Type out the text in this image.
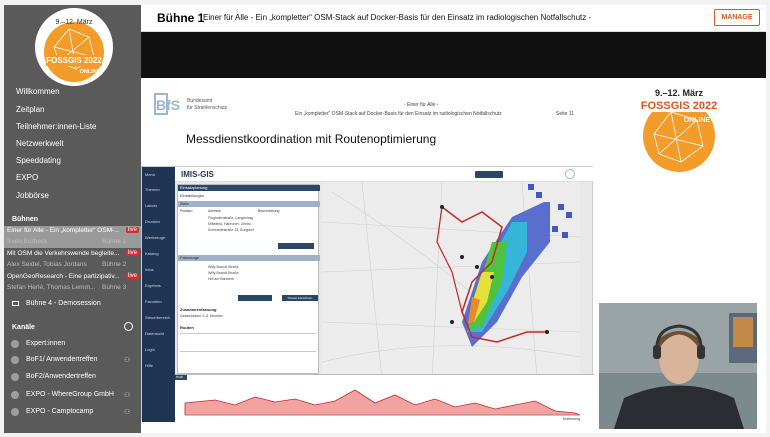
9.–12. März
FOSSGIS 2022
ONLINE
Willkommen
Zeitplan
Teilnehmer:innen-Liste
Netzwerkwelt
Speeddating
EXPO
Jobbörse
Bühnen
Einer für Alle - Ein „kompletter“ OSM-...	live
Sven Burbeck	Bühne 1
Mit OSM die Verkehrswende begleite...	live
Alex Seidel, Tobias Jordans Bühne 2
OpenGeoResearch - Eine partizipativ...	live
Stefan Herlé, Thomas Lemm... Bühne 3
Bühne 4 - Demosession
Kanäle
Expert:innen
BoF1/ Anwendertreffen	⚇
BoF2/Anwendertreffen
EXPO - WhereGroup GmbH ⚇
EXPO - Camptocamp	⚇
Bühne 1
Einer für Alle - Ein „kompletter“ OSM-Stack auf Docker-Basis für den Einsatz im radiologischen Notfallschutz -	MANAGE
BfS Bundesamt
für Strahlenschutz	- Einer für Alle -
Ein „kompletter“ OSM-Stack auf Docker-Basis für den Einsatz im radiologischen Notfallschutz	Seite 11
9.–12. März
FOSSGIS 2022
ONLINE
Messdienstkoordination mit Routenoptimierung
Menü
Themen
Labors
Drucken
Werkzeuge
Katalog
Infos
Ergebnis
Favoriten
Steuerbereich
Datensicht
Login
Hilfe
IMIS-GIS
Einsatzplanung
Einstellungen
Ziele
Position	Adresse	Beschreibung
Flughafenstraße, Langenhag
Mittelfeld, Hannover, Zentru
Schmiedestraße 23, Burgdorf
Fahrzeuge
Willy-Brandt-Straße
Willy-Brandt-Straße
Hof am Bauwerk
Routen berechnen
Zusammenfassung
Gesamtdauer 2:11 Stunden
Routen
Profil
Entfernung
